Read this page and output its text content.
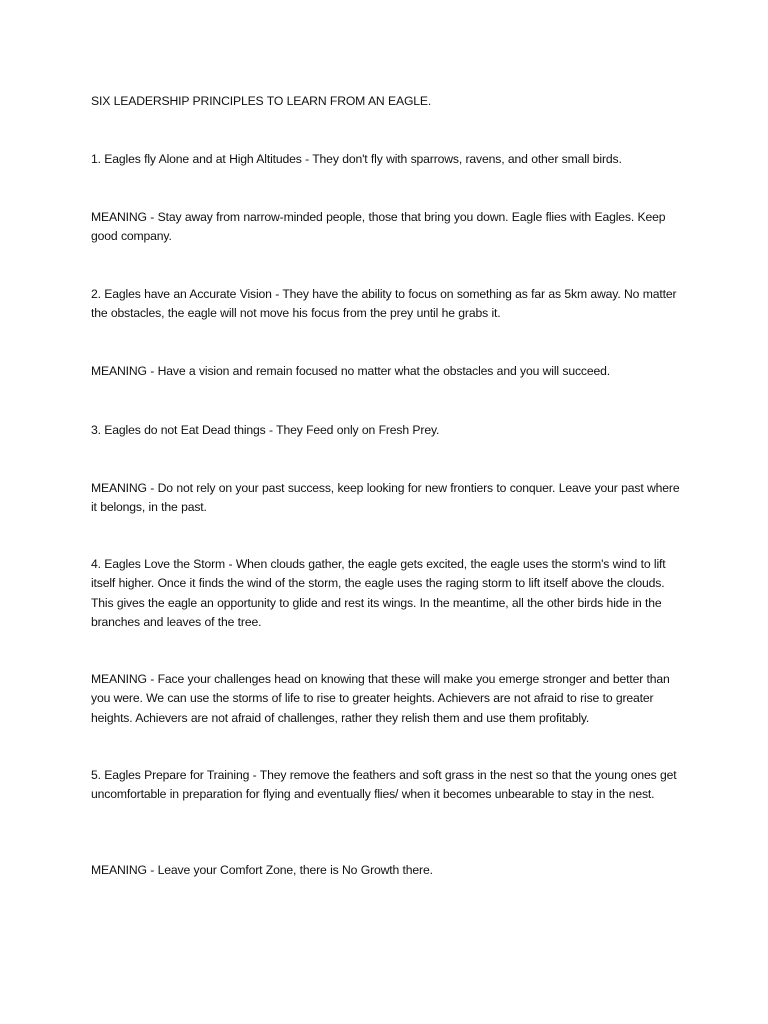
SIX LEADERSHIP PRINCIPLES TO LEARN FROM AN EAGLE.

1. Eagles fly Alone and at High Altitudes - They don't fly with sparrows, ravens, and other small birds.

MEANING - Stay away from narrow-minded people, those that bring you down. Eagle flies with Eagles. Keep good company.

2. Eagles have an Accurate Vision - They have the ability to focus on something as far as 5km away. No matter the obstacles, the eagle will not move his focus from the prey until he grabs it.

MEANING - Have a vision and remain focused no matter what the obstacles and you will succeed.

3. Eagles do not Eat Dead things - They Feed only on Fresh Prey.

MEANING - Do not rely on your past success, keep looking for new frontiers to conquer. Leave your past where it belongs, in the past.

4. Eagles Love the Storm - When clouds gather, the eagle gets excited, the eagle uses the storm's wind to lift itself higher. Once it finds the wind of the storm, the eagle uses the raging storm to lift itself above the clouds. This gives the eagle an opportunity to glide and rest its wings. In the meantime, all the other birds hide in the branches and leaves of the tree.

MEANING - Face your challenges head on knowing that these will make you emerge stronger and better than you were. We can use the storms of life to rise to greater heights. Achievers are not afraid to rise to greater heights. Achievers are not afraid of challenges, rather they relish them and use them profitably.

5. Eagles Prepare for Training - They remove the feathers and soft grass in the nest so that the young ones get uncomfortable in preparation for flying and eventually flies/ when it becomes unbearable to stay in the nest.

MEANING - Leave your Comfort Zone, there is No Growth there.
